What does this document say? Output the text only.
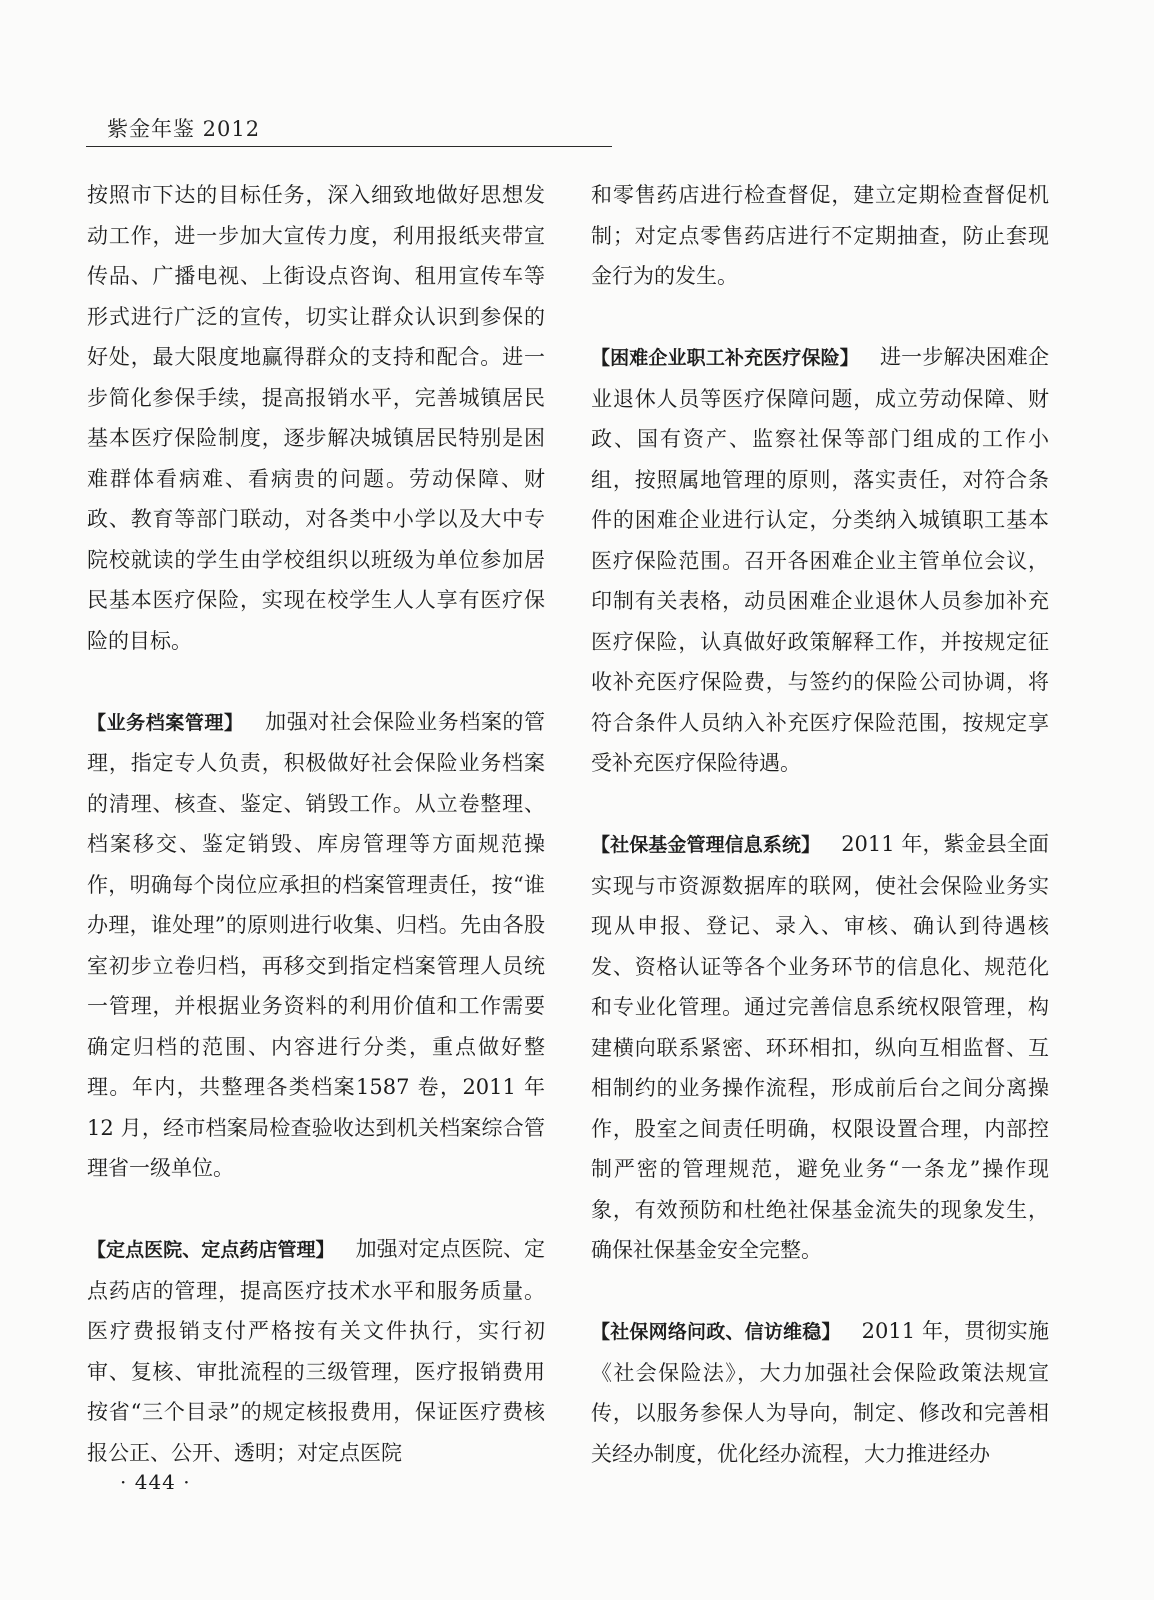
紫金年鉴 2012

按照市下达的目标任务，深入细致地做好思想发动工作，进一步加大宣传力度，利用报纸夹带宣传品、广播电视、上街设点咨询、租用宣传车等形式进行广泛的宣传，切实让群众认识到参保的好处，最大限度地赢得群众的支持和配合。进一步简化参保手续，提高报销水平，完善城镇居民基本医疗保险制度，逐步解决城镇居民特别是困难群体看病难、看病贵的问题。劳动保障、财政、教育等部门联动，对各类中小学以及大中专院校就读的学生由学校组织以班级为单位参加居民基本医疗保险，实现在校学生人人享有医疗保险的目标。

【业务档案管理】  加强对社会保险业务档案的管理，指定专人负责，积极做好社会保险业务档案的清理、核查、鉴定、销毁工作。从立卷整理、档案移交、鉴定销毁、库房管理等方面规范操作，明确每个岗位应承担的档案管理责任，按“谁办理，谁处理”的原则进行收集、归档。先由各股室初步立卷归档，再移交到指定档案管理人员统一管理，并根据业务资料的利用价值和工作需要确定归档的范围、内容进行分类，重点做好整理。年内，共整理各类档案1587 卷，2011 年 12 月，经市档案局检查验收达到机关档案综合管理省一级单位。

【定点医院、定点药店管理】  加强对定点医院、定点药店的管理，提高医疗技术水平和服务质量。医疗费报销支付严格按有关文件执行，实行初审、复核、审批流程的三级管理，医疗报销费用按省“三个目录”的规定核报费用，保证医疗费核报公正、公开、透明；对定点医院

和零售药店进行检查督促，建立定期检查督促机制；对定点零售药店进行不定期抽查，防止套现金行为的发生。

【困难企业职工补充医疗保险】  进一步解决困难企业退休人员等医疗保障问题，成立劳动保障、财政、国有资产、监察社保等部门组成的工作小组，按照属地管理的原则，落实责任，对符合条件的困难企业进行认定，分类纳入城镇职工基本医疗保险范围。召开各困难企业主管单位会议，印制有关表格，动员困难企业退休人员参加补充医疗保险，认真做好政策解释工作，并按规定征收补充医疗保险费，与签约的保险公司协调，将符合条件人员纳入补充医疗保险范围，按规定享受补充医疗保险待遇。

【社保基金管理信息系统】  2011 年，紫金县全面实现与市资源数据库的联网，使社会保险业务实现从申报、登记、录入、审核、确认到待遇核发、资格认证等各个业务环节的信息化、规范化和专业化管理。通过完善信息系统权限管理，构建横向联系紧密、环环相扣，纵向互相监督、互相制约的业务操作流程，形成前后台之间分离操作，股室之间责任明确，权限设置合理，内部控制严密的管理规范，避免业务“一条龙”操作现象，有效预防和杜绝社保基金流失的现象发生，确保社保基金安全完整。

【社保网络问政、信访维稳】  2011 年，贯彻实施《社会保险法》，大力加强社会保险政策法规宣传，以服务参保人为导向，制定、修改和完善相关经办制度，优化经办流程，大力推进经办

· 444 ·
